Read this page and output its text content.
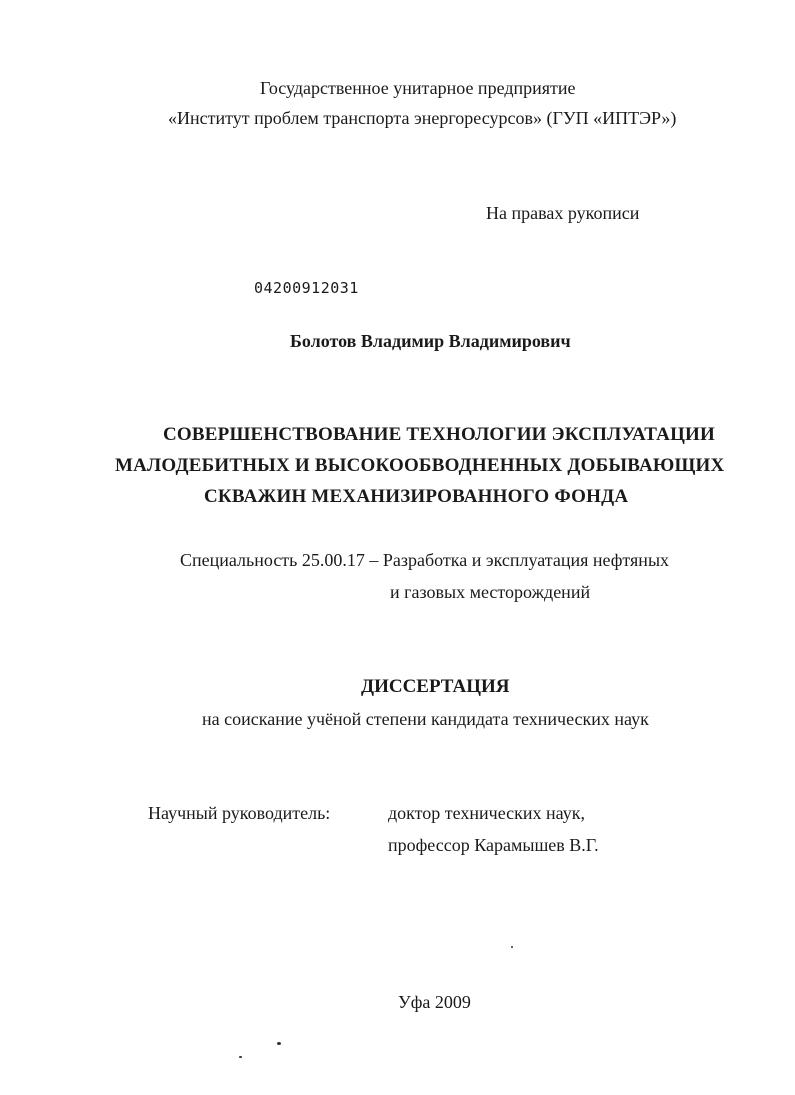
Государственное унитарное предприятие
«Институт проблем транспорта энергоресурсов» (ГУП «ИПТЭР»)
На правах рукописи
04200912031
Болотов Владимир Владимирович
СОВЕРШЕНСТВОВАНИЕ ТЕХНОЛОГИИ ЭКСПЛУАТАЦИИ
МАЛОДЕБИТНЫХ И ВЫСОКООБВОДНЕННЫХ ДОБЫВАЮЩИХ
СКВАЖИН МЕХАНИЗИРОВАННОГО ФОНДА
Специальность 25.00.17 – Разработка и эксплуатация нефтяных
и газовых месторождений
ДИССЕРТАЦИЯ
на соискание учёной степени кандидата технических наук
Научный руководитель:	доктор технических наук,
профессор Карамышев В.Г.
Уфа 2009
